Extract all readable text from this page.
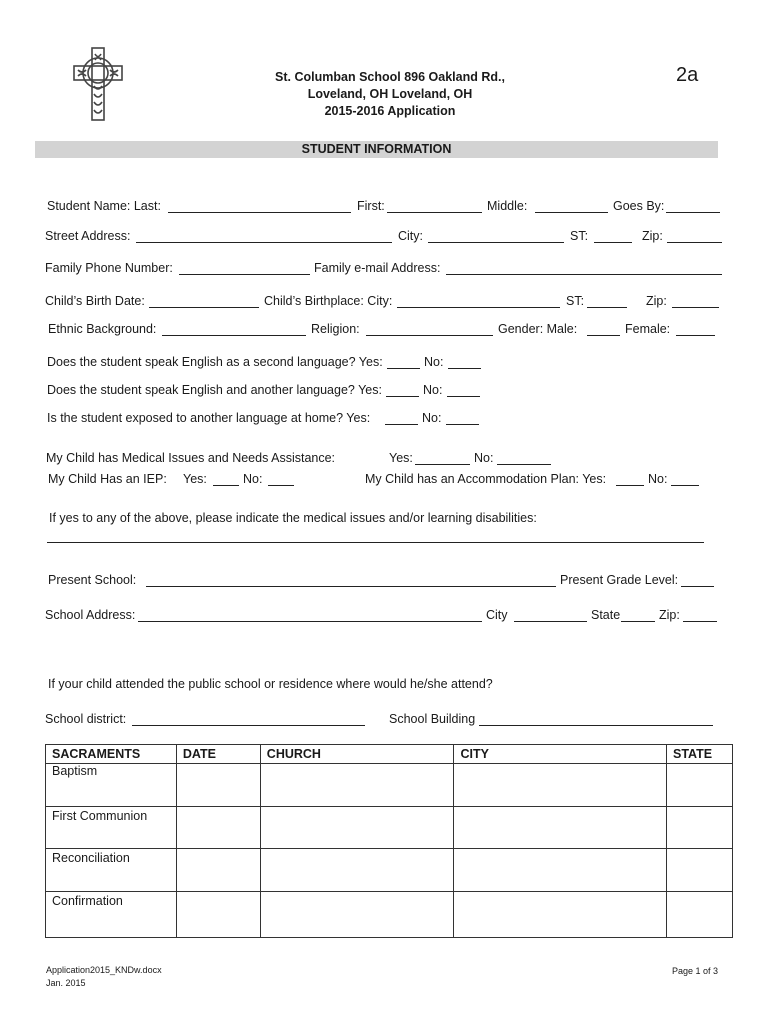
St. Columban School 896 Oakland Rd.,
Loveland, OH Loveland, OH
2015-2016 Application
2a
STUDENT INFORMATION
Student Name: Last:	First:	Middle:	Goes By:
Street Address:	City:	ST:	Zip:
Family Phone Number:	Family e-mail Address:
Child’s Birth Date:	Child’s Birthplace: City:	ST:	Zip:
Ethnic Background:	Religion:	Gender: Male:	Female:
Does the student speak English as a second language? Yes:	No:
Does the student speak English and another language? Yes:	No:
Is the student exposed to another language at home? Yes:	No:
My Child has Medical Issues and Needs Assistance:	Yes:	No:
My Child Has an IEP: Yes:	No:	My Child has an Accommodation Plan: Yes:	No:
If yes to any of the above, please indicate the medical issues and/or learning disabilities:
Present School:	Present Grade Level:
School Address:	City	State	Zip:
If your child attended the public school or residence where would he/she attend?
School district:	School Building
SACRAMENTS	DATE	CHURCH	CITY	STATE
Baptism				
First Communion				
Reconciliation				
Confirmation				
Application2015_KNDw.docx
Jan. 2015
Page 1 of 3
